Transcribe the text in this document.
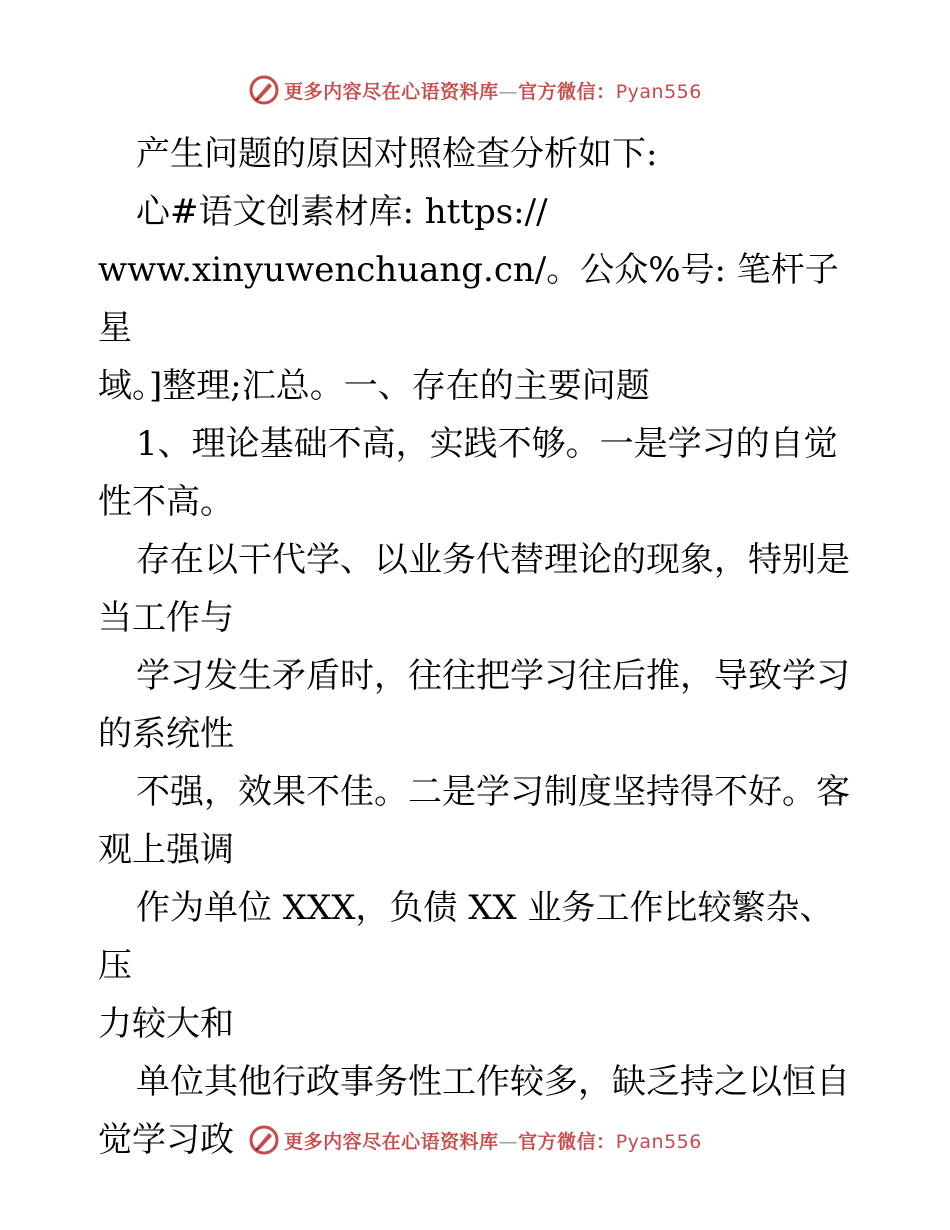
更多内容尽在心语资料库—官方微信：Pyan556

产生问题的原因对照检查分析如下:

心#语文创素材库: https://

www.xinyuwenchuang.cn/。公众%号: 笔杆子星

域。]整理;汇总。一、存在的主要问题

1、理论基础不高，实践不够。一是学习的自觉

性不高。

存在以干代学、以业务代替理论的现象，特别是

当工作与

学习发生矛盾时，往往把学习往后推，导致学习

的系统性

不强，效果不佳。二是学习制度坚持得不好。客

观上强调

作为单位 XXX，负债 XX 业务工作比较繁杂、压

力较大和

单位其他行政事务性工作较多，缺乏持之以恒自

觉学习政	更多内容尽在心语资料库—官方微信：Pyan556
